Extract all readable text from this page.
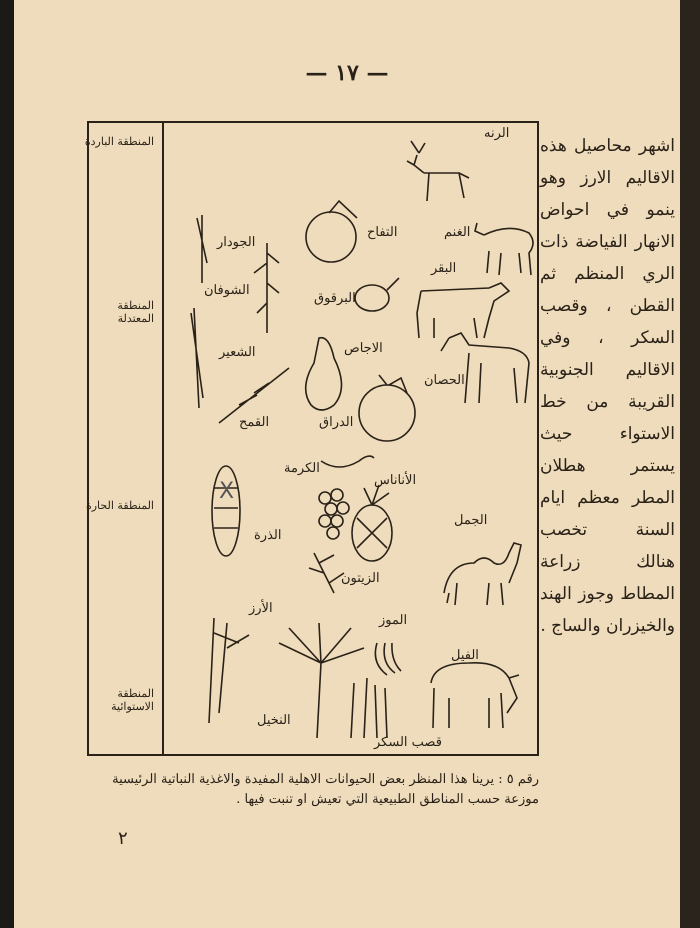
— ١٧ —
اشهر محاصيل هذه الاقاليم الارز وهو ينمو في احواض الانهار الفياضة ذات الري المنظم ثم القطن ، وقصب السكر ، وفي الاقاليم الجنوبية القريبة من خط الاستواء حيث يستمر هطلان المطر معظم ايام السنة تخصب هنالك زراعة المطاط وجوز الهند والخيزران والساج .
المنطقة الباردة
المنطقة المعتدلة
المنطقة الحارة
المنطقة الاستوائية
الرنه
الغنم
البقر
الحصان
الجمل
الفيل
التفاح
البرقوق
الاجاص
الدراق
الجودار
الشوفان
الشعير
القمح
الكرمة
الأناناس
الذرة
الزيتون
الأرز
الموز
النخيل
قصب السكر
X
رقم ٥ : يرينا هذا المنظر بعض الحيوانات الاهلية المفيدة والاغذية النباتية الرئيسية
موزعة حسب المناطق الطبيعية التي تعيش او تنبت فيها .
٢
